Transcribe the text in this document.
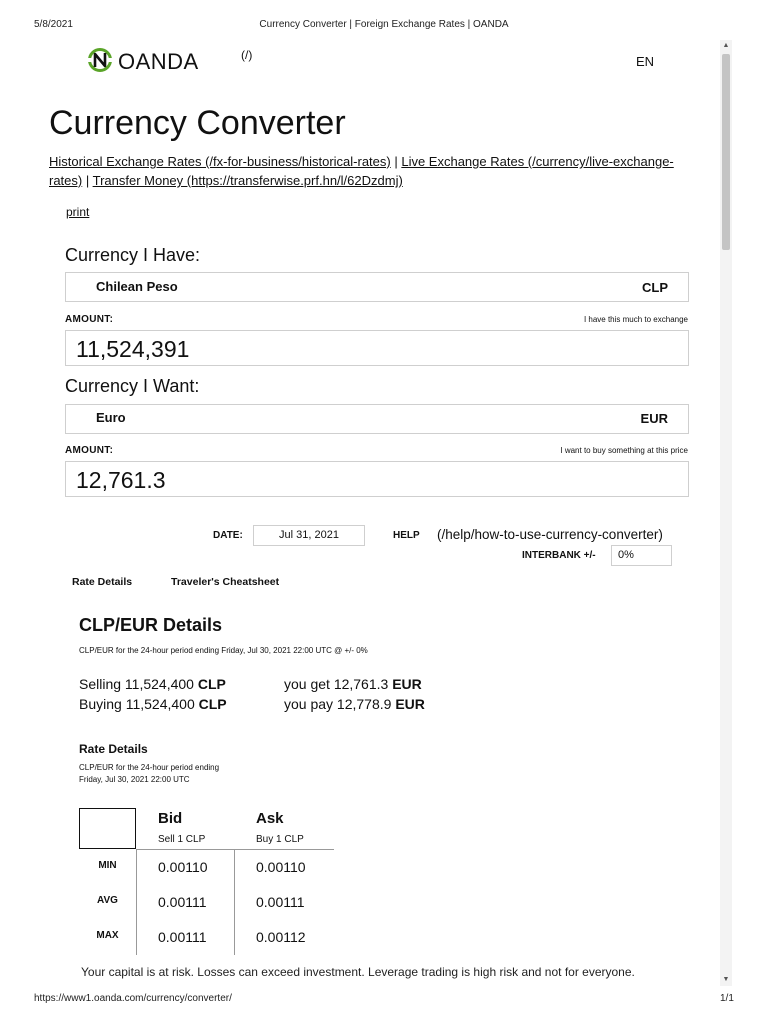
5/8/2021	Currency Converter | Foreign Exchange Rates | OANDA
OANDA	(/)	EN
Currency Converter
Historical Exchange Rates (/fx-for-business/historical-rates) | Live Exchange Rates (/currency/live-exchange-
rates) | Transfer Money (https://transferwise.prf.hn/l/62Dzdmj)
print
Currency I Have:
Chilean Peso	CLP
AMOUNT:	I have this much to exchange
11,524,391
Currency I Want:
Euro	EUR
AMOUNT:	I want to buy something at this price
12,761.3
DATE:	Jul 31, 2021	HELP (/help/how-to-use-currency-converter)
INTERBANK +/-	0%
Rate Details	Traveler's Cheatsheet
CLP/EUR Details
CLP/EUR for the 24-hour period ending Friday, Jul 30, 2021 22:00 UTC @ +/- 0%
Selling 11,524,400 CLP	you get 12,761.3 EUR
Buying 11,524,400 CLP	you pay 12,778.9 EUR
Rate Details
CLP/EUR for the 24-hour period ending
Friday, Jul 30, 2021 22:00 UTC
Bid
Sell 1 CLP
Ask
Buy 1 CLP
MIN	0.00110	0.00110
AVG	0.00111	0.00111
MAX	0.00111	0.00112
Your capital is at risk. Losses can exceed investment. Leverage trading is high risk and not for everyone.
▲
▼
https://www1.oanda.com/currency/converter/	1/1
